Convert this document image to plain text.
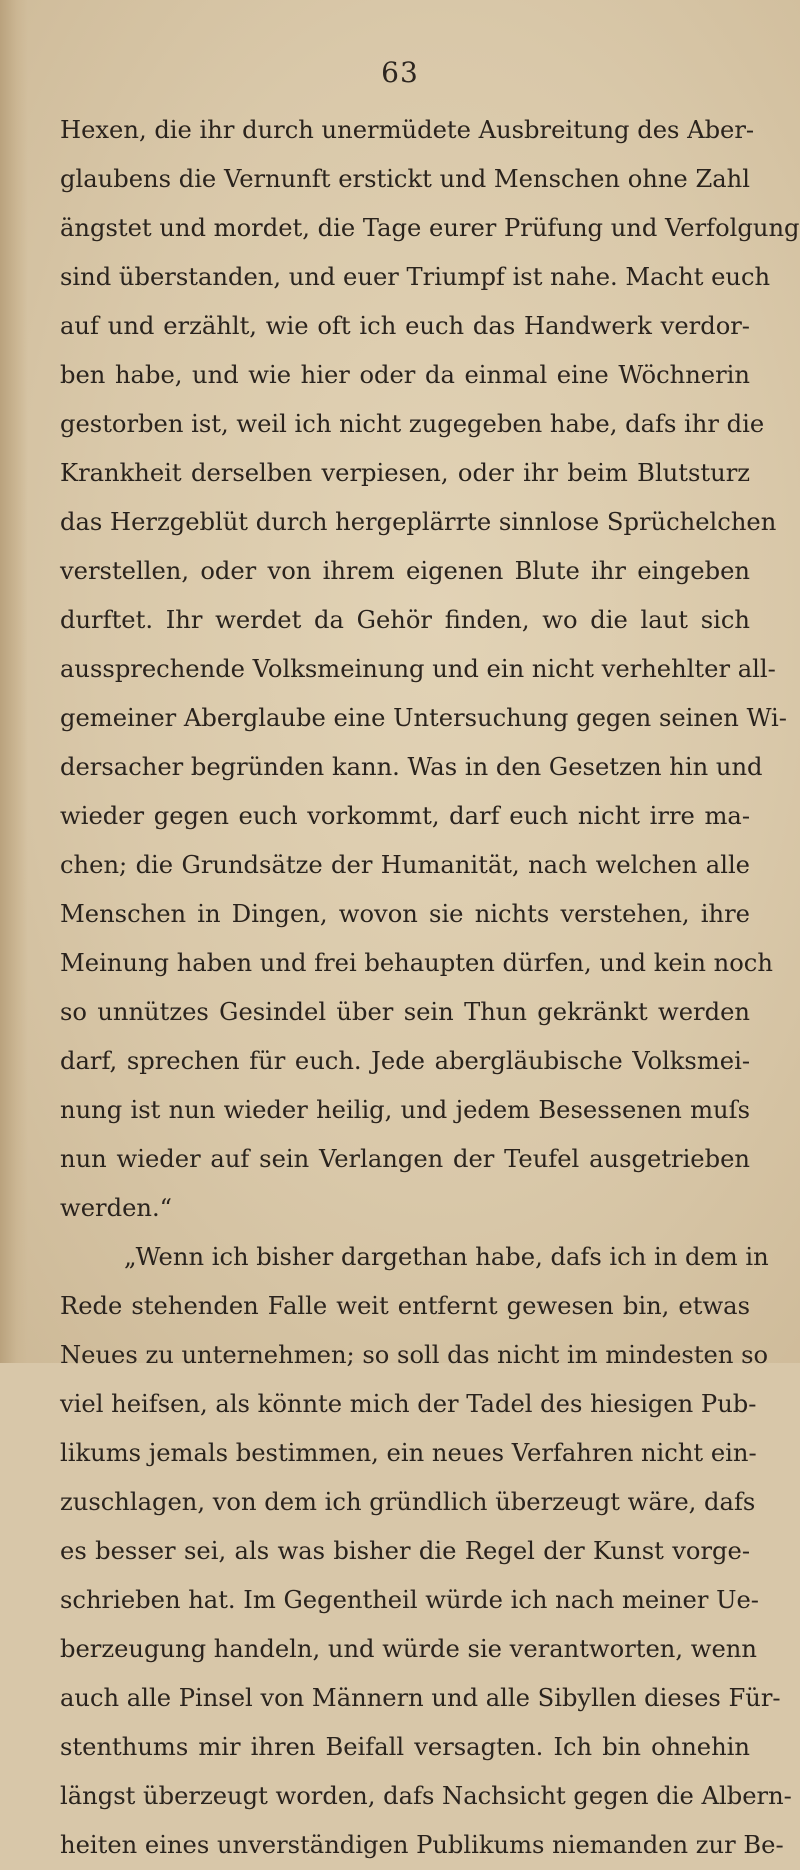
63
Hexen, die ihr durch unermüdete Ausbreitung des Aber-
glaubens die Vernunft erstickt und Menschen ohne Zahl
ängstet und mordet, die Tage eurer Prüfung und Verfolgung
sind überstanden, und euer Triumpf ist nahe. Macht euch
auf und erzählt, wie oft ich euch das Handwerk verdor-
ben habe, und wie hier oder da einmal eine Wöchnerin
gestorben ist, weil ich nicht zugegeben habe, dafs ihr die
Krankheit derselben verpiesen, oder ihr beim Blutsturz
das Herzgeblüt durch hergeplärrte sinnlose Sprüchelchen
verstellen, oder von ihrem eigenen Blute ihr eingeben
durftet. Ihr werdet da Gehör finden, wo die laut sich
aussprechende Volksmeinung und ein nicht verhehlter all-
gemeiner Aberglaube eine Untersuchung gegen seinen Wi-
dersacher begründen kann. Was in den Gesetzen hin und
wieder gegen euch vorkommt, darf euch nicht irre ma-
chen; die Grundsätze der Humanität, nach welchen alle
Menschen in Dingen, wovon sie nichts verstehen, ihre
Meinung haben und frei behaupten dürfen, und kein noch
so unnützes Gesindel über sein Thun gekränkt werden
darf, sprechen für euch. Jede abergläubische Volksmei-
nung ist nun wieder heilig, und jedem Besessenen muſs
nun wieder auf sein Verlangen der Teufel ausgetrieben
werden.“
„Wenn ich bisher dargethan habe, dafs ich in dem in
Rede stehenden Falle weit entfernt gewesen bin, etwas
Neues zu unternehmen; so soll das nicht im mindesten so
viel heifsen, als könnte mich der Tadel des hiesigen Pub-
likums jemals bestimmen, ein neues Verfahren nicht ein-
zuschlagen, von dem ich gründlich überzeugt wäre, dafs
es besser sei, als was bisher die Regel der Kunst vorge-
schrieben hat. Im Gegentheil würde ich nach meiner Ue-
berzeugung handeln, und würde sie verantworten, wenn
auch alle Pinsel von Männern und alle Sibyllen dieses Für-
stenthums mir ihren Beifall versagten. Ich bin ohnehin
längst überzeugt worden, dafs Nachsicht gegen die Albern-
heiten eines unverständigen Publikums niemanden zur Be-
